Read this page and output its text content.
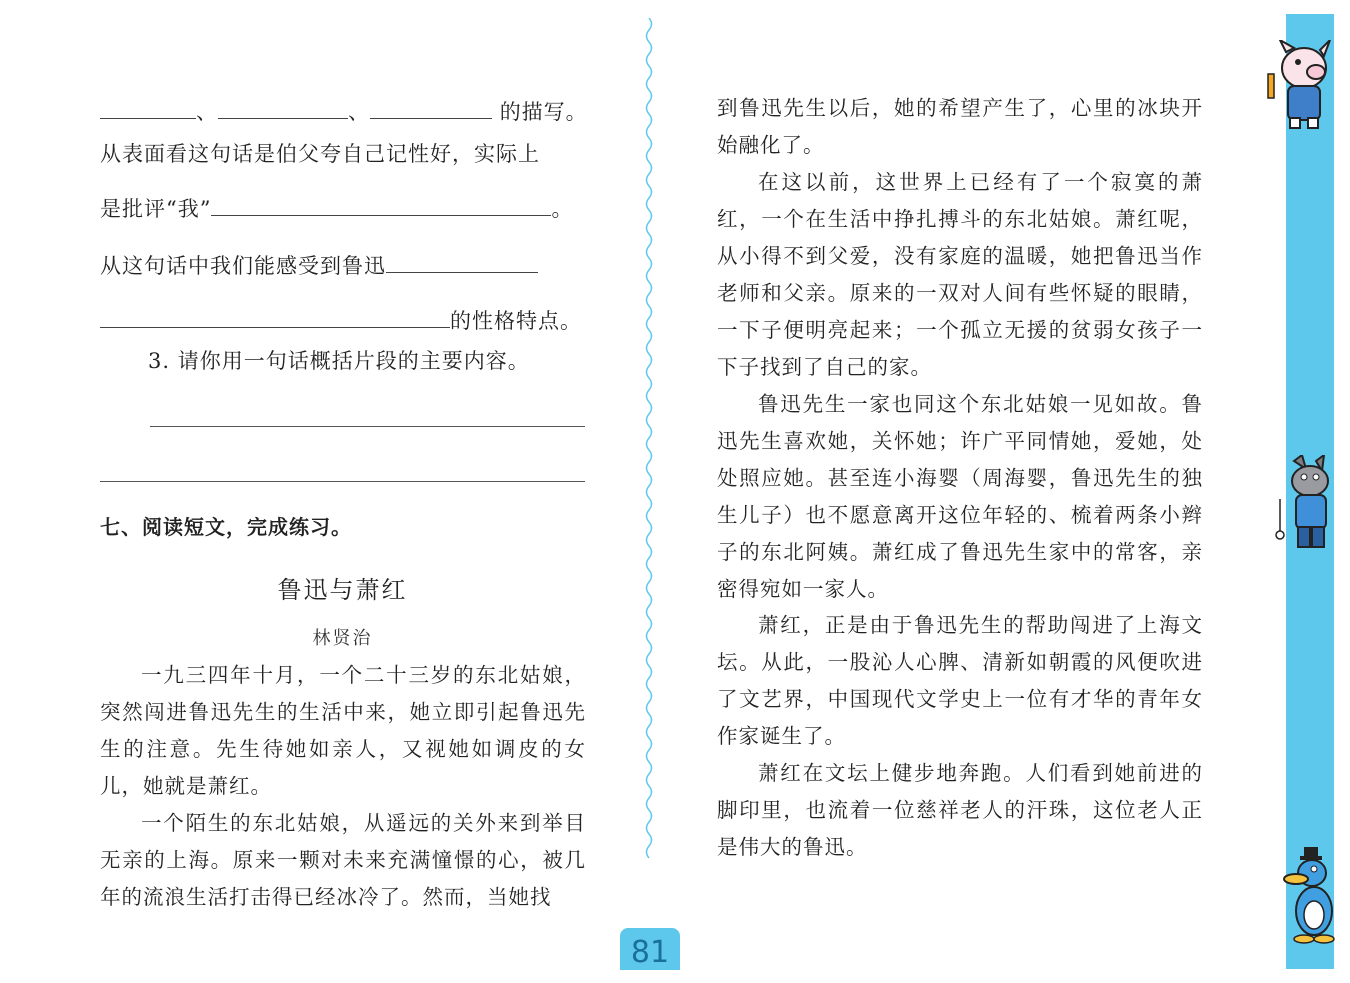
、	、	的描写。
从表面看这句话是伯父夸自己记性好，实际上
是批评“我”	。
从这句话中我们能感受到鲁迅
的性格特点。
3. 请你用一句话概括片段的主要内容。
七、阅读短文，完成练习。
鲁迅与萧红
林贤治

一九三四年十月，一个二十三岁的东北姑娘，突然闯进鲁迅先生的生活中来，她立即引起鲁迅先生的注意。先生待她如亲人，又视她如调皮的女儿，她就是萧红。

一个陌生的东北姑娘，从遥远的关外来到举目无亲的上海。原来一颗对未来充满憧憬的心，被几年的流浪生活打击得已经冰冷了。然而，当她找

到鲁迅先生以后，她的希望产生了，心里的冰块开始融化了。

在这以前，这世界上已经有了一个寂寞的萧红，一个在生活中挣扎搏斗的东北姑娘。萧红呢，从小得不到父爱，没有家庭的温暖，她把鲁迅当作老师和父亲。原来的一双对人间有些怀疑的眼睛，一下子便明亮起来；一个孤立无援的贫弱女孩子一下子找到了自己的家。

鲁迅先生一家也同这个东北姑娘一见如故。鲁迅先生喜欢她，关怀她；许广平同情她，爱她，处处照应她。甚至连小海婴（周海婴，鲁迅先生的独生儿子）也不愿意离开这位年轻的、梳着两条小辫子的东北阿姨。萧红成了鲁迅先生家中的常客，亲密得宛如一家人。

萧红，正是由于鲁迅先生的帮助闯进了上海文坛。从此，一股沁人心脾、清新如朝霞的风便吹进了文艺界，中国现代文学史上一位有才华的青年女作家诞生了。

萧红在文坛上健步地奔跑。人们看到她前进的脚印里，也流着一位慈祥老人的汗珠，这位老人正是伟大的鲁迅。

81
